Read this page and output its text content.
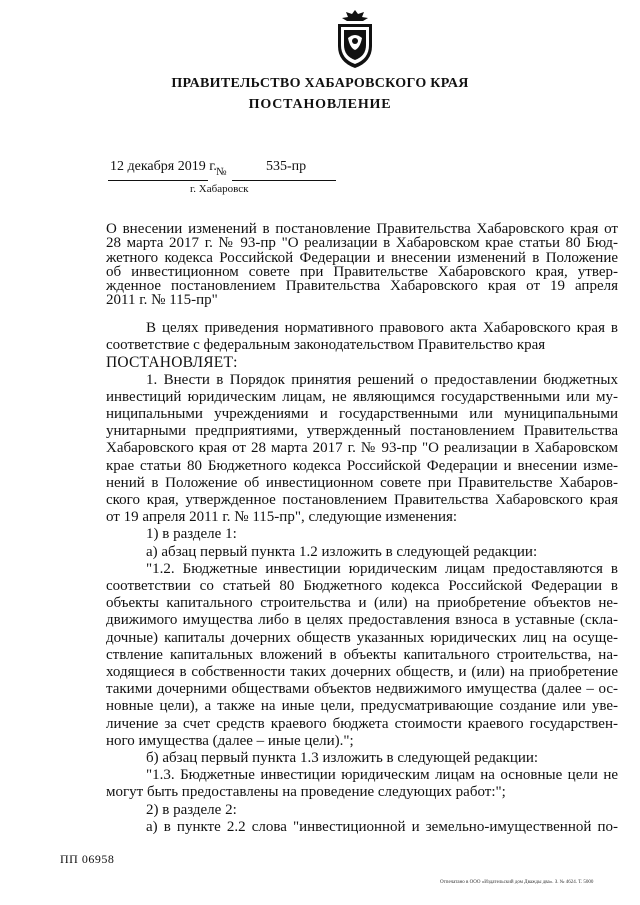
ПРАВИТЕЛЬСТВО ХАБАРОВСКОГО КРАЯ
ПОСТАНОВЛЕНИЕ
12 декабря 2019 г. №	535-пр
г. Хабаровск
О внесении изменений в постановление Правительства Хабаровского края от
28 марта 2017 г. № 93-пр "О реализации в Хабаровском крае статьи 80 Бюд-
жетного кодекса Российской Федерации и внесении изменений в Положение
об инвестиционном совете при Правительстве Хабаровского края, утвер-
жденное постановлением Правительства Хабаровского края от 19 апреля
2011 г. № 115-пр"
В целях приведения нормативного правового акта Хабаровского края в
соответствие с федеральным законодательством Правительство края
ПОСТАНОВЛЯЕТ:
1. Внести в Порядок принятия решений о предоставлении бюджетных
инвестиций юридическим лицам, не являющимся государственными или му-
ниципальными учреждениями и государственными или муниципальными
унитарными предприятиями, утвержденный постановлением Правительства
Хабаровского края от 28 марта 2017 г. № 93-пр "О реализации в Хабаровском
крае статьи 80 Бюджетного кодекса Российской Федерации и внесении изме-
нений в Положение об инвестиционном совете при Правительстве Хабаров-
ского края, утвержденное постановлением Правительства Хабаровского края
от 19 апреля 2011 г. № 115-пр", следующие изменения:
1) в разделе 1:
а) абзац первый пункта 1.2 изложить в следующей редакции:
"1.2. Бюджетные инвестиции юридическим лицам предоставляются в
соответствии со статьей 80 Бюджетного кодекса Российской Федерации в
объекты капитального строительства и (или) на приобретение объектов не-
движимого имущества либо в целях предоставления взноса в уставные (скла-
дочные) капиталы дочерних обществ указанных юридических лиц на осуще-
ствление капитальных вложений в объекты капитального строительства, на-
ходящиеся в собственности таких дочерних обществ, и (или) на приобретение
такими дочерними обществами объектов недвижимого имущества (далее – ос-
новные цели), а также на иные цели, предусматривающие создание или уве-
личение за счет средств краевого бюджета стоимости краевого государствен-
ного имущества (далее – иные цели).";
б) абзац первый пункта 1.3 изложить в следующей редакции:
"1.3. Бюджетные инвестиции юридическим лицам на основные цели не
могут быть предоставлены на проведение следующих работ:";
2) в разделе 2:
а) в пункте 2.2 слова "инвестиционной и земельно-имущественной по-
ПП 06958
Отпечатано в ООО «Издательский дом Дважды два». З. № 4624. Т. 5000
